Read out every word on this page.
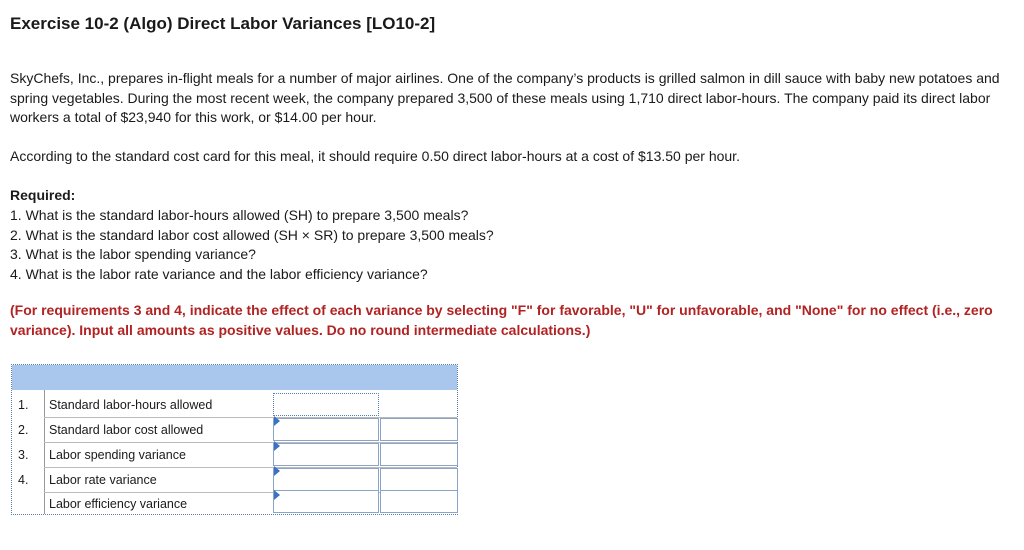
Exercise 10-2 (Algo) Direct Labor Variances [LO10-2]

SkyChefs, Inc., prepares in-flight meals for a number of major airlines. One of the company’s products is grilled salmon in dill sauce with baby new potatoes and spring vegetables. During the most recent week, the company prepared 3,500 of these meals using 1,710 direct labor-hours. The company paid its direct labor workers a total of $23,940 for this work, or $14.00 per hour.

According to the standard cost card for this meal, it should require 0.50 direct labor-hours at a cost of $13.50 per hour.

Required:

1. What is the standard labor-hours allowed (SH) to prepare 3,500 meals?
2. What is the standard labor cost allowed (SH × SR) to prepare 3,500 meals?
3. What is the labor spending variance?
4. What is the labor rate variance and the labor efficiency variance?

(For requirements 3 and 4, indicate the effect of each variance by selecting "F" for favorable, "U" for unfavorable, and "None" for no effect (i.e., zero variance). Input all amounts as positive values. Do no round intermediate calculations.)

1. Standard labor-hours allowed
2. Standard labor cost allowed
3. Labor spending variance
4. Labor rate variance
Labor efficiency variance
